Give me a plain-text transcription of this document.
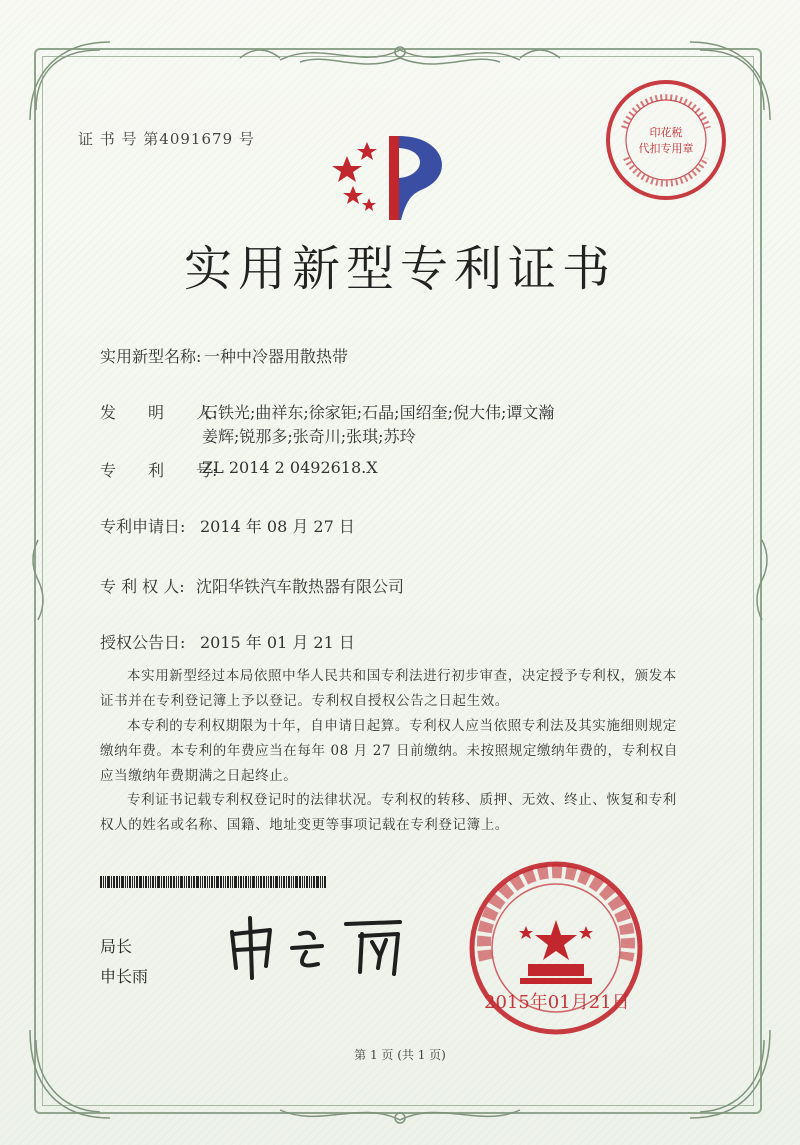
证 书 号 第4091679 号
实用新型专利证书
印花税
代扣专用章
实用新型名称: 一种中冷器用散热带
发　　明　　人:
石铁光;曲祥东;徐家钜;石晶;国绍奎;倪大伟;谭文瀚
姜辉;锐那多;张奇川;张琪;苏玲
专　　利　　号:
ZL 2014 2 0492618.X
专利申请日: 2014 年 08 月 27 日
专 利 权 人: 沈阳华铁汽车散热器有限公司
授权公告日: 2015 年 01 月 21 日
本实用新型经过本局依照中华人民共和国专利法进行初步审查，决定授予专利权，颁发本证书并在专利登记簿上予以登记。专利权自授权公告之日起生效。
本专利的专利权期限为十年，自申请日起算。专利权人应当依照专利法及其实施细则规定缴纳年费。本专利的年费应当在每年 08 月 27 日前缴纳。未按照规定缴纳年费的，专利权自应当缴纳年费期满之日起终止。
专利证书记载专利权登记时的法律状况。专利权的转移、质押、无效、终止、恢复和专利权人的姓名或名称、国籍、地址变更等事项记载在专利登记簿上。
局长
申长雨
2015年01月21日
第 1 页 (共 1 页)
